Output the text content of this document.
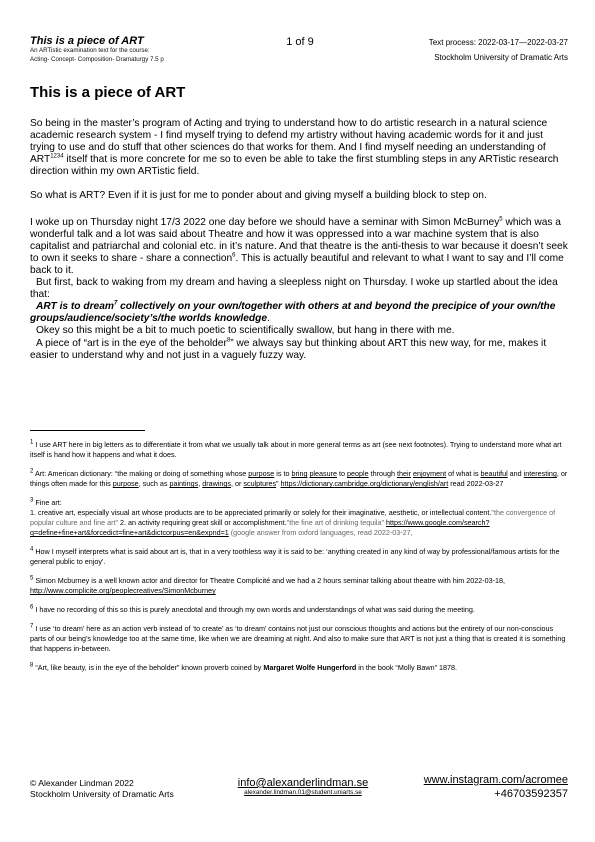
This is a piece of ART
An ARTistic examination text for the course:
Acting- Concept- Composition- Dramaturgy 7.5 p
1 of 9	Text process: 2022-03-17—2022-03-27
Stockholm University of Dramatic Arts
This is a piece of ART

So being in the master’s program of Acting and trying to understand how to do artistic research in a natural science academic research system - I find myself trying to defend my artistry without having academic words for it and just trying to use and do stuff that other sciences do that works for them. And I find myself needing an understanding of $ART^{1234}$ itself that is more concrete for me so to even be able to take the first stumbling steps in any ARTistic research direction within my own ARTistic field.

So what is ART? Even if it is just for me to ponder about and giving myself a building block to step on.

I woke up on Thursday night 17/3 2022 one day before we should have a seminar with Simon McBurney$^5$ which was a wonderful talk and a lot was said about Theatre and how it was oppressed into a war machine system that is also capitalist and patriarchal and colonial etc. in it’s nature. And that theatre is the anti-thesis to war because it doesn’t seek to own it seeks to share - share a connection$^6$. This is actually beautiful and relevant to what I want to say and I’ll come back to it.

But first, back to waking from my dream and having a sleepless night on Thursday. I woke up startled about the idea that:

ART is to dream$^7$ collectively on your own/together with others at and beyond the precipice of your own/the groups/audience/society’s/the worlds knowledge.

Okey so this might be a bit to much poetic to scientifically swallow, but hang in there with me.

A piece of “art is in the eye of the beholder$^8$” we always say but thinking about ART this new way, for me, makes it easier to understand why and not just in a vaguely fuzzy way.

$^1$ I use ART here in big letters as to differentiate it from what we usually talk about in more general terms as art (see next footnotes). Trying to understand more what art itself is hand how it happens and what it does.
$^2$ Art: American dictionary: “the making or doing of something whose purpose is to bring pleasure to people through their enjoyment of what is beautiful and interesting, or things often made for this purpose, such as paintings, drawings, or sculptures” https://dictionary.cambridge.org/dictionary/english/art read 2022-03-27
$^3$ Fine art:
1. creative art, especially visual art whose products are to be appreciated primarily or solely for their imaginative, aesthetic, or intellectual content."the convergence of popular culture and fine art" 2. an activity requiring great skill or accomplishment."the fine art of drinking tequila" https://www.google.com/search?q=define+fine+art&forcedict=fine+art&dictcorpus=en&expnd=1 (google answer from oxford languages, read 2022-03-27,
$^4$ How I myself interprets what is said about art is, that in a very toothless way it is said to be: ‘anything created in any kind of way by professional/famous artists for the general public to enjoy’.
$^5$ Simon Mcburney is a well known actor and director for Theatre Complicité and we had a 2 hours seminar talking about theatre with him 2022-03-18, http://www.complicite.org/peoplecreatives/SimonMcburney
$^6$ I have no recording of this so this is purely anecdotal and through my own words and understandings of what was said during the meeting.
$^7$ I use ‘to dream’ here as an action verb instead of ‘to create’ as ‘to dream’ contains not just our conscious thoughts and actions but the entirety of our non-conscious parts of our being’s knowledge too at the same time, like when we are dreaming at night. And also to make sure that ART is not just a thing that is created it is something that happens in-between.
$^8$ “Art, like beauty, is in the eye of the beholder” known proverb coined by Margaret Wolfe Hungerford in the book “Molly Bawn” 1878.
© Alexander Lindman 2022
Stockholm University of Dramatic Arts
info@alexanderlindman.se
alexander.lindman.01@student.uniarts.se
www.instagram.com/acromee
+46703592357
